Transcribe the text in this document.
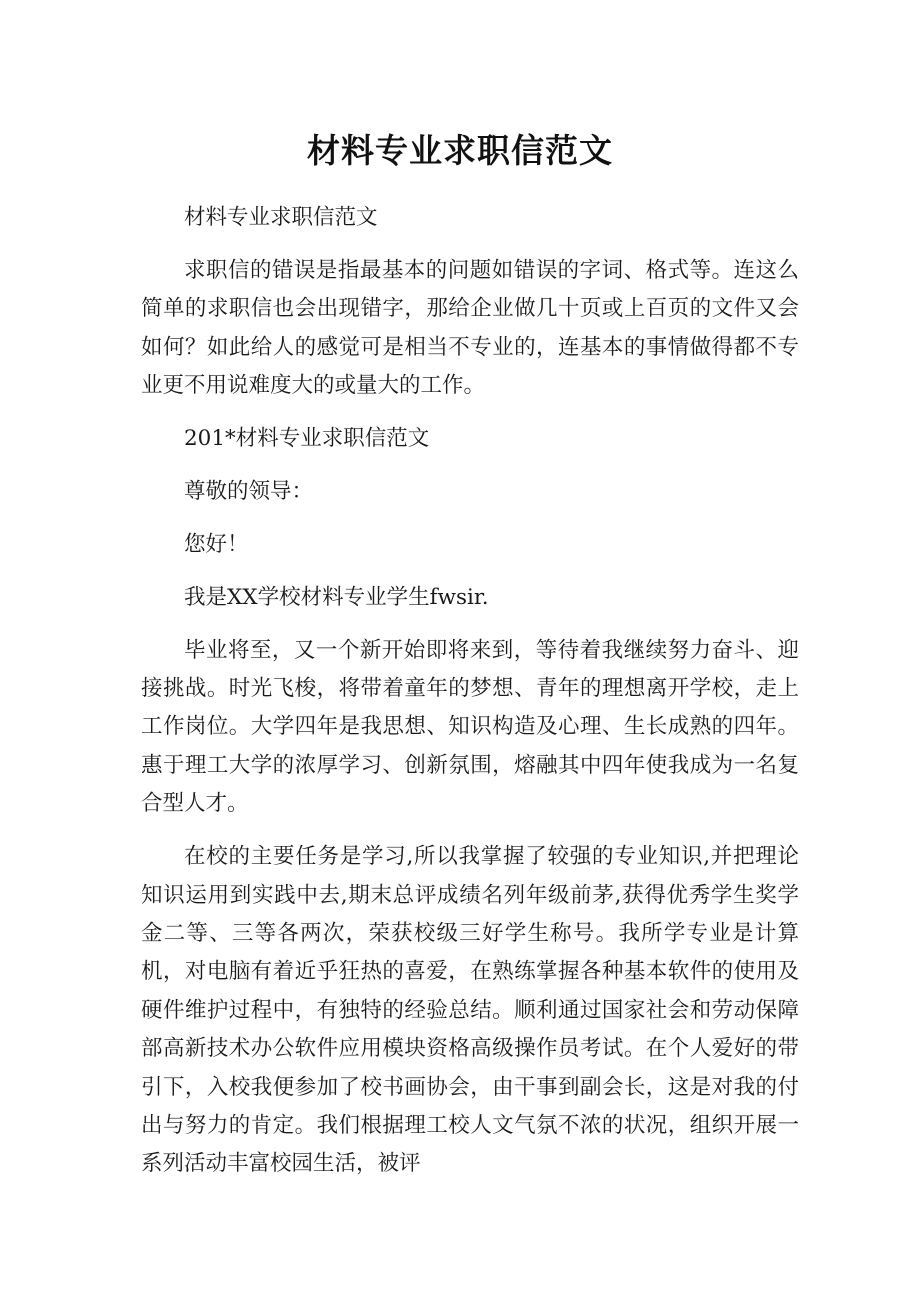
材料专业求职信范文

材料专业求职信范文

求职信的错误是指最基本的问题如错误的字词、格式等。连这么简单的求职信也会出现错字，那给企业做几十页或上百页的文件又会如何？如此给人的感觉可是相当不专业的，连基本的事情做得都不专业更不用说难度大的或量大的工作。

201*材料专业求职信范文

尊敬的领导：

您好！

我是XX学校材料专业学生fwsir.

毕业将至，又一个新开始即将来到，等待着我继续努力奋斗、迎接挑战。时光飞梭，将带着童年的梦想、青年的理想离开学校，走上工作岗位。大学四年是我思想、知识构造及心理、生长成熟的四年。惠于理工大学的浓厚学习、创新氛围，熔融其中四年使我成为一名复合型人才。

在校的主要任务是学习,所以我掌握了较强的专业知识,并把理论知识运用到实践中去,期末总评成绩名列年级前茅,获得优秀学生奖学金二等、三等各两次，荣获校级三好学生称号。我所学专业是计算机，对电脑有着近乎狂热的喜爱，在熟练掌握各种基本软件的使用及硬件维护过程中，有独特的经验总结。顺利通过国家社会和劳动保障部高新技术办公软件应用模块资格高级操作员考试。在个人爱好的带引下，入校我便参加了校书画协会，由干事到副会长，这是对我的付出与努力的肯定。我们根据理工校人文气氛不浓的状况，组织开展一系列活动丰富校园生活，被评
